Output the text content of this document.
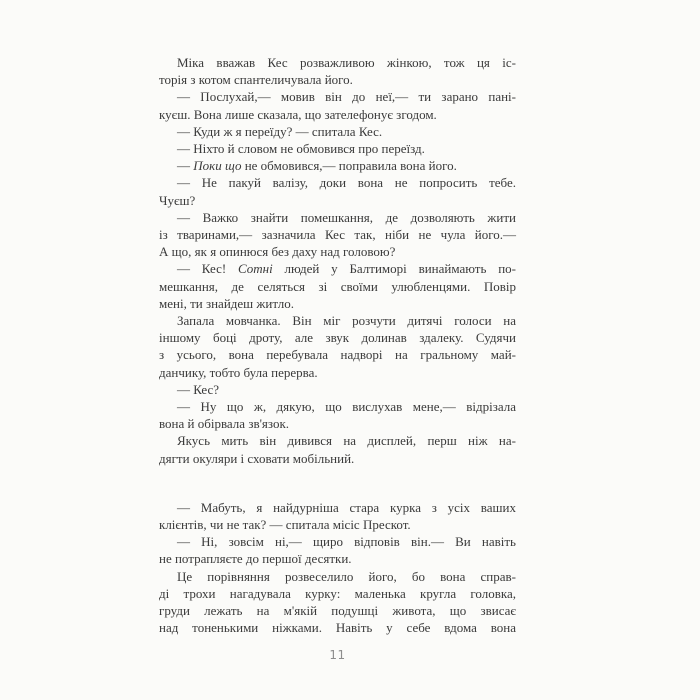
Міка вважав Кес розважливою жінкою, тож ця іс-
торія з котом спантеличувала його.
— Послухай,— мовив він до неї,— ти зарано пані-
куєш. Вона лише сказала, що зателефонує згодом.
— Куди ж я переїду? — спитала Кес.
— Ніхто й словом не обмовився про переїзд.
— Поки що не обмовився,— поправила вона його.
— Не пакуй валізу, доки вона не попросить тебе.
Чуєш?
— Важко знайти помешкання, де дозволяють жити
із тваринами,— зазначила Кес так, ніби не чула його.—
А що, як я опинюся без даху над головою?
— Кес! Сотні людей у Балтиморі винаймають по-
мешкання, де селяться зі своїми улюбленцями. Повір
мені, ти знайдеш житло.
Запала мовчанка. Він міг розчути дитячі голоси на
іншому боці дроту, але звук долинав здалеку. Судячи
з усього, вона перебувала надворі на гральному май-
данчику, тобто була перерва.
— Кес?
— Ну що ж, дякую, що вислухав мене,— відрізала
вона й обірвала зв'язок.
Якусь мить він дивився на дисплей, перш ніж на-
дягти окуляри і сховати мобільний.
— Мабуть, я найдурніша стара курка з усіх ваших
клієнтів, чи не так? — спитала місіс Прескот.
— Ні, зовсім ні,— щиро відповів він.— Ви навіть
не потрапляєте до першої десятки.
Це порівняння розвеселило його, бо вона справ-
ді трохи нагадувала курку: маленька кругла головка,
груди лежать на м'якій подушці живота, що звисає
над тоненькими ніжками. Навіть у себе вдома вона
11
